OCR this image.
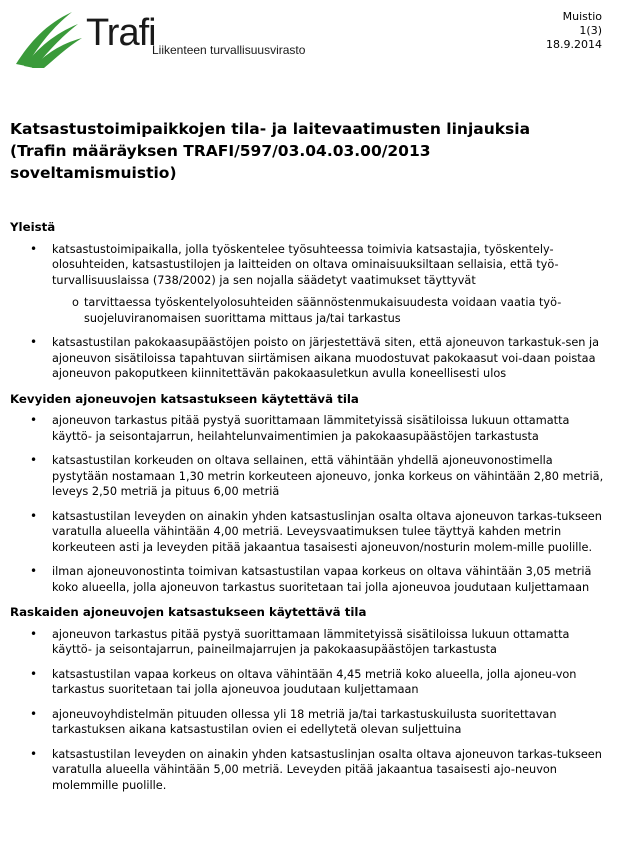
Trafi
Liikenteen turvallisuusvirasto
Muistio
1(3)
18.9.2014
Katsastustoimipaikkojen tila- ja laitevaatimusten linjauksia
(Trafin määräyksen TRAFI/597/03.04.03.00/2013
soveltamismuistio)
Yleistä
• katsastustoimipaikalla, jolla työskentelee työsuhteessa toimivia katsastajia, työskentely-olosuhteiden, katsastustilojen ja laitteiden on oltava ominaisuuksiltaan sellaisia, että työ-turvallisuuslaissa (738/2002) ja sen nojalla säädetyt vaatimukset täyttyvät
o tarvittaessa työskentelyolosuhteiden säännöstenmukaisuudesta voidaan vaatia työ-suojeluviranomaisen suorittama mittaus ja/tai tarkastus
• katsastustilan pakokaasupäästöjen poisto on järjestettävä siten, että ajoneuvon tarkastuk-sen ja ajoneuvon sisätiloissa tapahtuvan siirtämisen aikana muodostuvat pakokaasut voi-daan poistaa ajoneuvon pakoputkeen kiinnitettävän pakokaasuletkun avulla koneellisesti ulos
Kevyiden ajoneuvojen katsastukseen käytettävä tila
• ajoneuvon tarkastus pitää pystyä suorittamaan lämmitetyissä sisätiloissa lukuun ottamatta käyttö- ja seisontajarrun, heilahtelunvaimentimien ja pakokaasupäästöjen tarkastusta
• katsastustilan korkeuden on oltava sellainen, että vähintään yhdellä ajoneuvonostimella pystytään nostamaan 1,30 metrin korkeuteen ajoneuvo, jonka korkeus on vähintään 2,80 metriä, leveys 2,50 metriä ja pituus 6,00 metriä
• katsastustilan leveyden on ainakin yhden katsastuslinjan osalta oltava ajoneuvon tarkas-tukseen varatulla alueella vähintään 4,00 metriä. Leveysvaatimuksen tulee täyttyä kahden metrin korkeuteen asti ja leveyden pitää jakaantua tasaisesti ajoneuvon/nosturin molem-mille puolille.
• ilman ajoneuvonostinta toimivan katsastustilan vapaa korkeus on oltava vähintään 3,05 metriä koko alueella, jolla ajoneuvon tarkastus suoritetaan tai jolla ajoneuvoa joudutaan kuljettamaan
Raskaiden ajoneuvojen katsastukseen käytettävä tila
• ajoneuvon tarkastus pitää pystyä suorittamaan lämmitetyissä sisätiloissa lukuun ottamatta käyttö- ja seisontajarrun, paineilmajarrujen ja pakokaasupäästöjen tarkastusta
• katsastustilan vapaa korkeus on oltava vähintään 4,45 metriä koko alueella, jolla ajoneu-von tarkastus suoritetaan tai jolla ajoneuvoa joudutaan kuljettamaan
• ajoneuvoyhdistelmän pituuden ollessa yli 18 metriä ja/tai tarkastuskuilusta suoritettavan tarkastuksen aikana katsastustilan ovien ei edellytetä olevan suljettuina
• katsastustilan leveyden on ainakin yhden katsastuslinjan osalta oltava ajoneuvon tarkas-tukseen varatulla alueella vähintään 5,00 metriä. Leveyden pitää jakaantua tasaisesti ajo-neuvon molemmille puolille.
